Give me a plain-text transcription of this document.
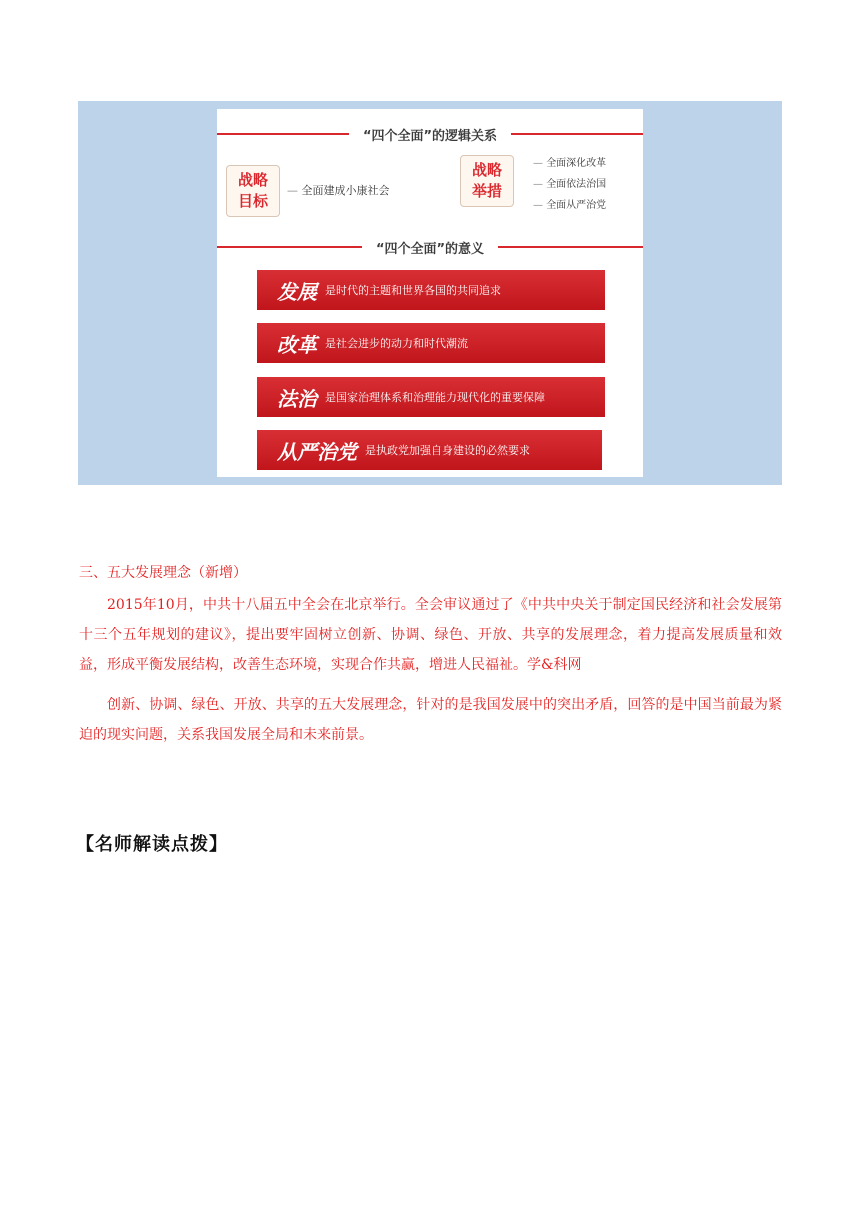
“四个全面”的逻辑关系
战略
目标
— 全面建成小康社会
战略
举措
— 全面深化改革
— 全面依法治国
— 全面从严治党
“四个全面”的意义
发展 是时代的主题和世界各国的共同追求
改革 是社会进步的动力和时代潮流
法治 是国家治理体系和治理能力现代化的重要保障
从严治党 是执政党加强自身建设的必然要求

三、五大发展理念（新增）

2015年10月，中共十八届五中全会在北京举行。全会审议通过了《中共中央关于制定国民经济和社会发展第十三个五年规划的建议》，提出要牢固树立创新、协调、绿色、开放、共享的发展理念，着力提高发展质量和效益，形成平衡发展结构，改善生态环境，实现合作共赢，增进人民福祉。学&科网

创新、协调、绿色、开放、共享的五大发展理念，针对的是我国发展中的突出矛盾，回答的是中国当前最为紧迫的现实问题，关系我国发展全局和未来前景。

【名师解读点拨】
